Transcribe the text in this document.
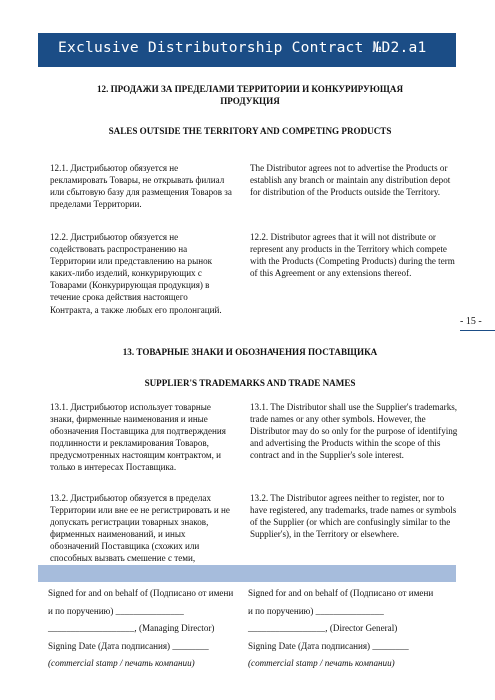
Exclusive Distributorship Contract №D2.a1
12. ПРОДАЖИ ЗА ПРЕДЕЛАМИ ТЕРРИТОРИИ И КОНКУРИРУЮЩАЯ ПРОДУКЦИЯ
SALES OUTSIDE THE TERRITORY AND COMPETING PRODUCTS
12.1. Дистрибьютор обязуется не рекламировать Товары, не открывать филиал или сбытовую базу для размещения Товаров за пределами Территории.
The Distributor agrees not to advertise the Products or establish any branch or maintain any distribution depot for distribution of the Products outside the Territory.
12.2. Дистрибьютор обязуется не содействовать распространению на Территории или представлению на рынок каких-либо изделий, конкурирующих с Товарами (Конкурирующая продукция) в течение срока действия настоящего Контракта, а также любых его пролонгаций.
12.2. Distributor agrees that it will not distribute or represent any products in the Territory which compete with the Products (Competing Products) during the term of this Agreement or any extensions thereof.
- 15 -
13. ТОВАРНЫЕ ЗНАКИ И ОБОЗНАЧЕНИЯ ПОСТАВЩИКА
SUPPLIER'S TRADEMARKS AND TRADE NAMES
13.1. Дистрибьютор использует товарные знаки, фирменные наименования и иные обозначения Поставщика для подтверждения подлинности и рекламирования Товаров, предусмотренных настоящим контрактом, и только в интересах Поставщика.
13.1. The Distributor shall use the Supplier's trademarks, trade names or any other symbols. However, the Distributor may do so only for the purpose of identifying and advertising the Products within the scope of this contract and in the Supplier's sole interest.
13.2. Дистрибьютор обязуется в пределах Территории или вне ее не регистрировать и не допускать регистрации товарных знаков, фирменных наименований, и иных обозначений Поставщика (схожих или способных вызвать смешение с теми,
13.2. The Distributor agrees neither to register, nor to have registered, any trademarks, trade names or symbols of the Supplier (or which are confusingly similar to the Supplier's), in the Territory or elsewhere.
Signed for and on behalf of (Подписано от имени
и по поручению) _______________
___________________, (Managing Director)
Signing Date (Дата подписания) ________
(commercial stamp / печать компании)
Signed for and on behalf of (Подписано от имени
и по поручению) _______________
_________________, (Director General)
Signing Date (Дата подписания) ________
(commercial stamp / печать компании)
